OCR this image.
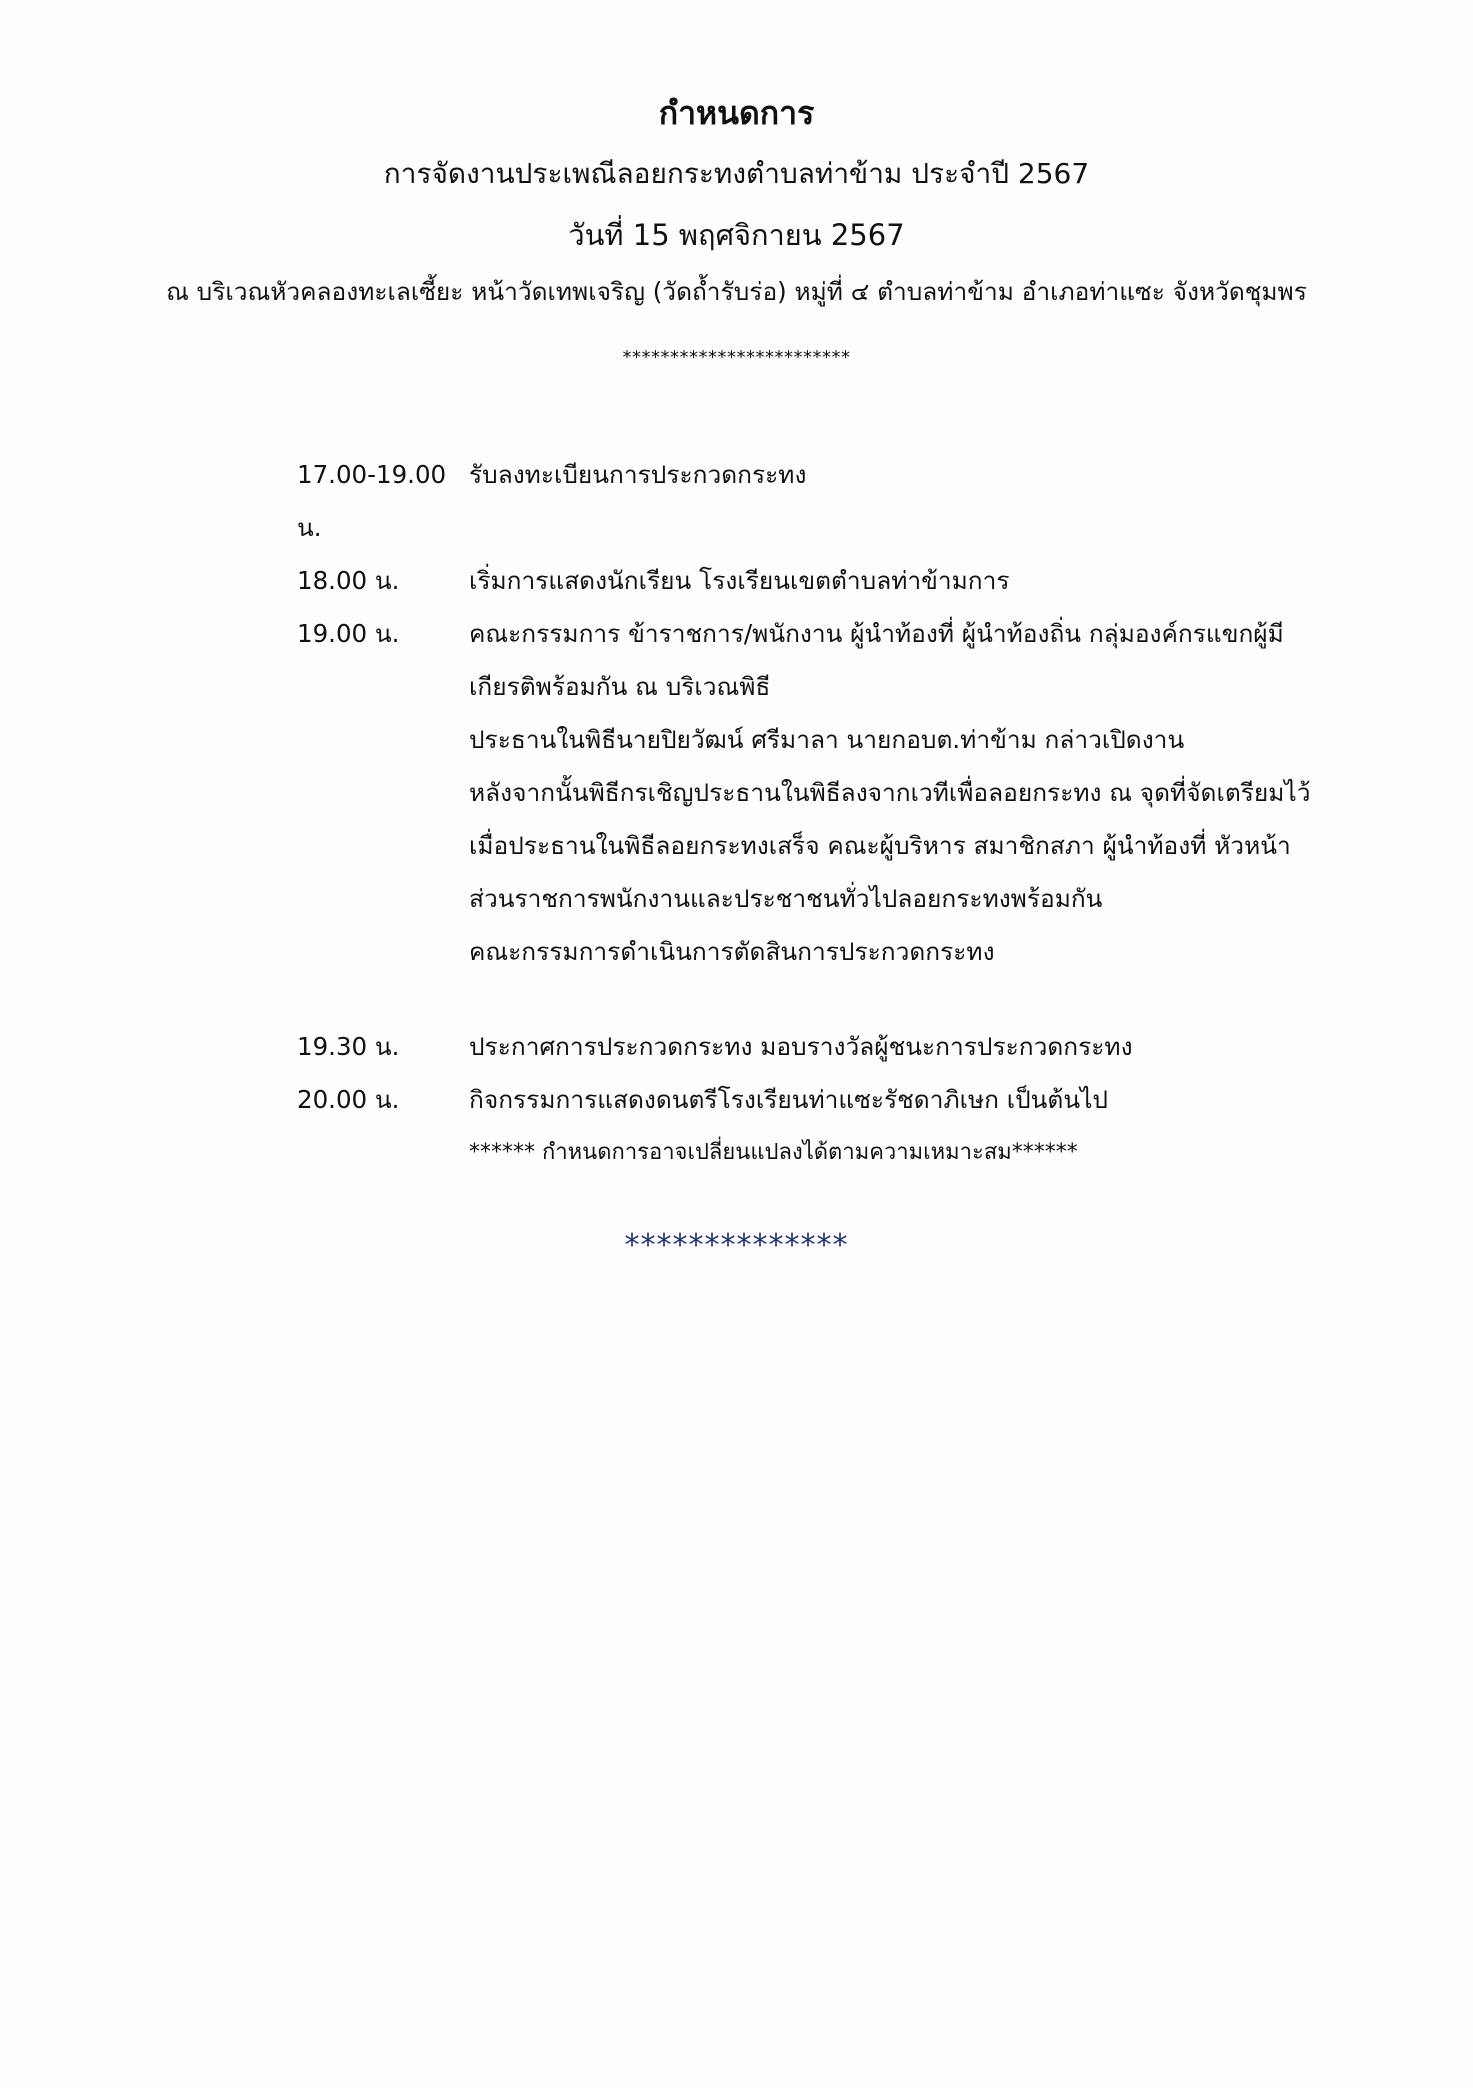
กำหนดการ
การจัดงานประเพณีลอยกระทงตำบลท่าข้าม ประจำปี 2567
วันที่ 15 พฤศจิกายน 2567
ณ บริเวณหัวคลองทะเลเซี้ยะ หน้าวัดเทพเจริญ (วัดถ้ำรับร่อ) หมู่ที่ ๔ ตำบลท่าข้าม อำเภอท่าแซะ จังหวัดชุมพร
************************
17.00-19.00 รับลงทะเบียนการประกวดกระทง
น.
18.00 น.	เริ่มการแสดงนักเรียน โรงเรียนเขตตำบลท่าข้ามการ
19.00 น.	คณะกรรมการ ข้าราชการ/พนักงาน ผู้นำท้องที่ ผู้นำท้องถิ่น กลุ่มองค์กรแขกผู้มี
เกียรติพร้อมกัน ณ บริเวณพิธี
ประธานในพิธีนายปิยวัฒน์ ศรีมาลา นายกอบต.ท่าข้าม กล่าวเปิดงาน
หลังจากนั้นพิธีกรเชิญประธานในพิธีลงจากเวทีเพื่อลอยกระทง ณ จุดที่จัดเตรียมไว้
เมื่อประธานในพิธีลอยกระทงเสร็จ คณะผู้บริหาร สมาชิกสภา ผู้นำท้องที่ หัวหน้า
ส่วนราชการพนักงานและประชาชนทั่วไปลอยกระทงพร้อมกัน
คณะกรรมการดำเนินการตัดสินการประกวดกระทง
19.30 น.	ประกาศการประกวดกระทง มอบรางวัลผู้ชนะการประกวดกระทง
20.00 น.	กิจกรรมการแสดงดนตรีโรงเรียนท่าแซะรัชดาภิเษก เป็นต้นไป
****** กำหนดการอาจเปลี่ยนแปลงได้ตามความเหมาะสม******
**************
